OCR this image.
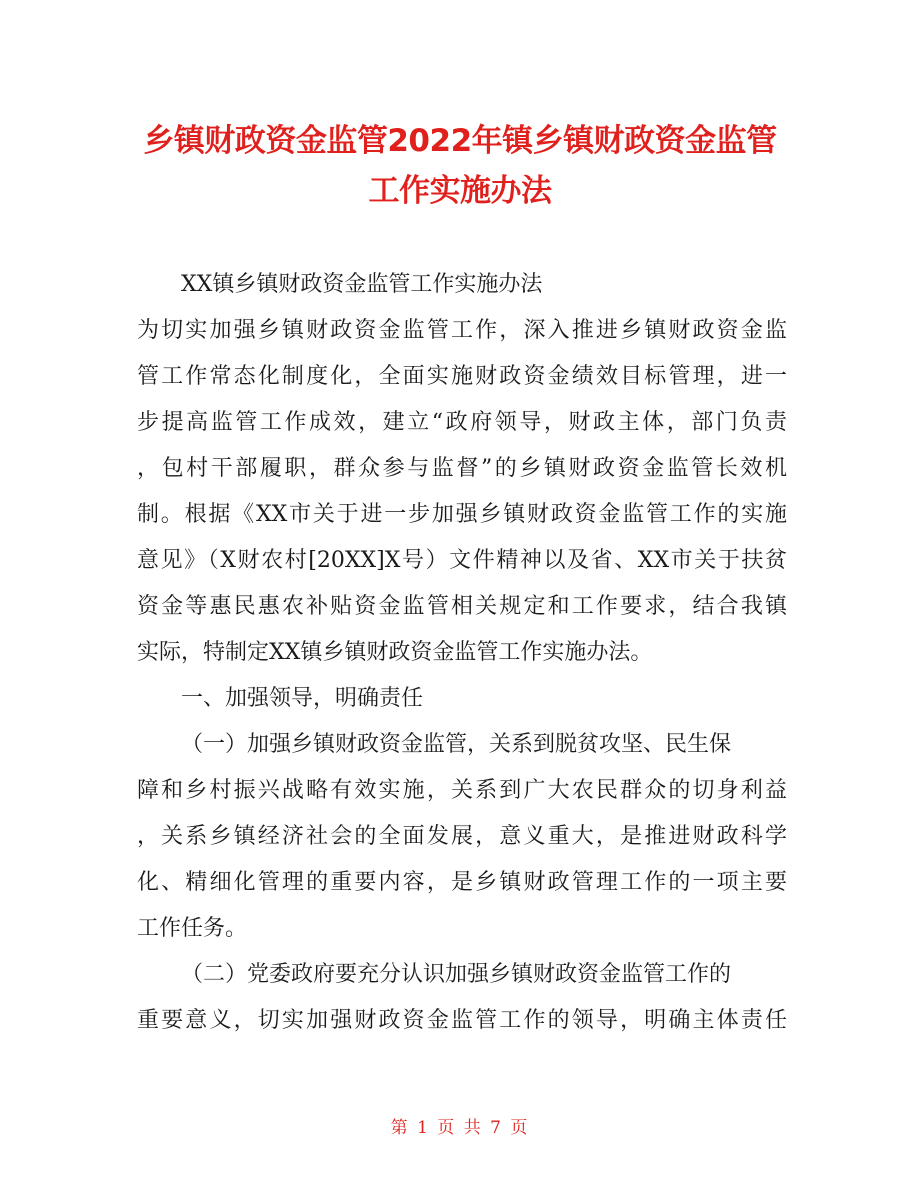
乡镇财政资金监管2022年镇乡镇财政资金监管
工作实施办法
XX镇乡镇财政资金监管工作实施办法
为切实加强乡镇财政资金监管工作，深入推进乡镇财政资金监
管工作常态化制度化，全面实施财政资金绩效目标管理，进一
步提高监管工作成效，建立“政府领导，财政主体，部门负责
，包村干部履职，群众参与监督”的乡镇财政资金监管长效机
制。根据《XX市关于进一步加强乡镇财政资金监管工作的实施
意见》（X财农村[20XX]X号）文件精神以及省、XX市关于扶贫
资金等惠民惠农补贴资金监管相关规定和工作要求，结合我镇
实际，特制定XX镇乡镇财政资金监管工作实施办法。
一、加强领导，明确责任
（一）加强乡镇财政资金监管，关系到脱贫攻坚、民生保
障和乡村振兴战略有效实施，关系到广大农民群众的切身利益
，关系乡镇经济社会的全面发展，意义重大，是推进财政科学
化、精细化管理的重要内容，是乡镇财政管理工作的一项主要
工作任务。
（二）党委政府要充分认识加强乡镇财政资金监管工作的
重要意义，切实加强财政资金监管工作的领导，明确主体责任
第 1 页 共 7 页
